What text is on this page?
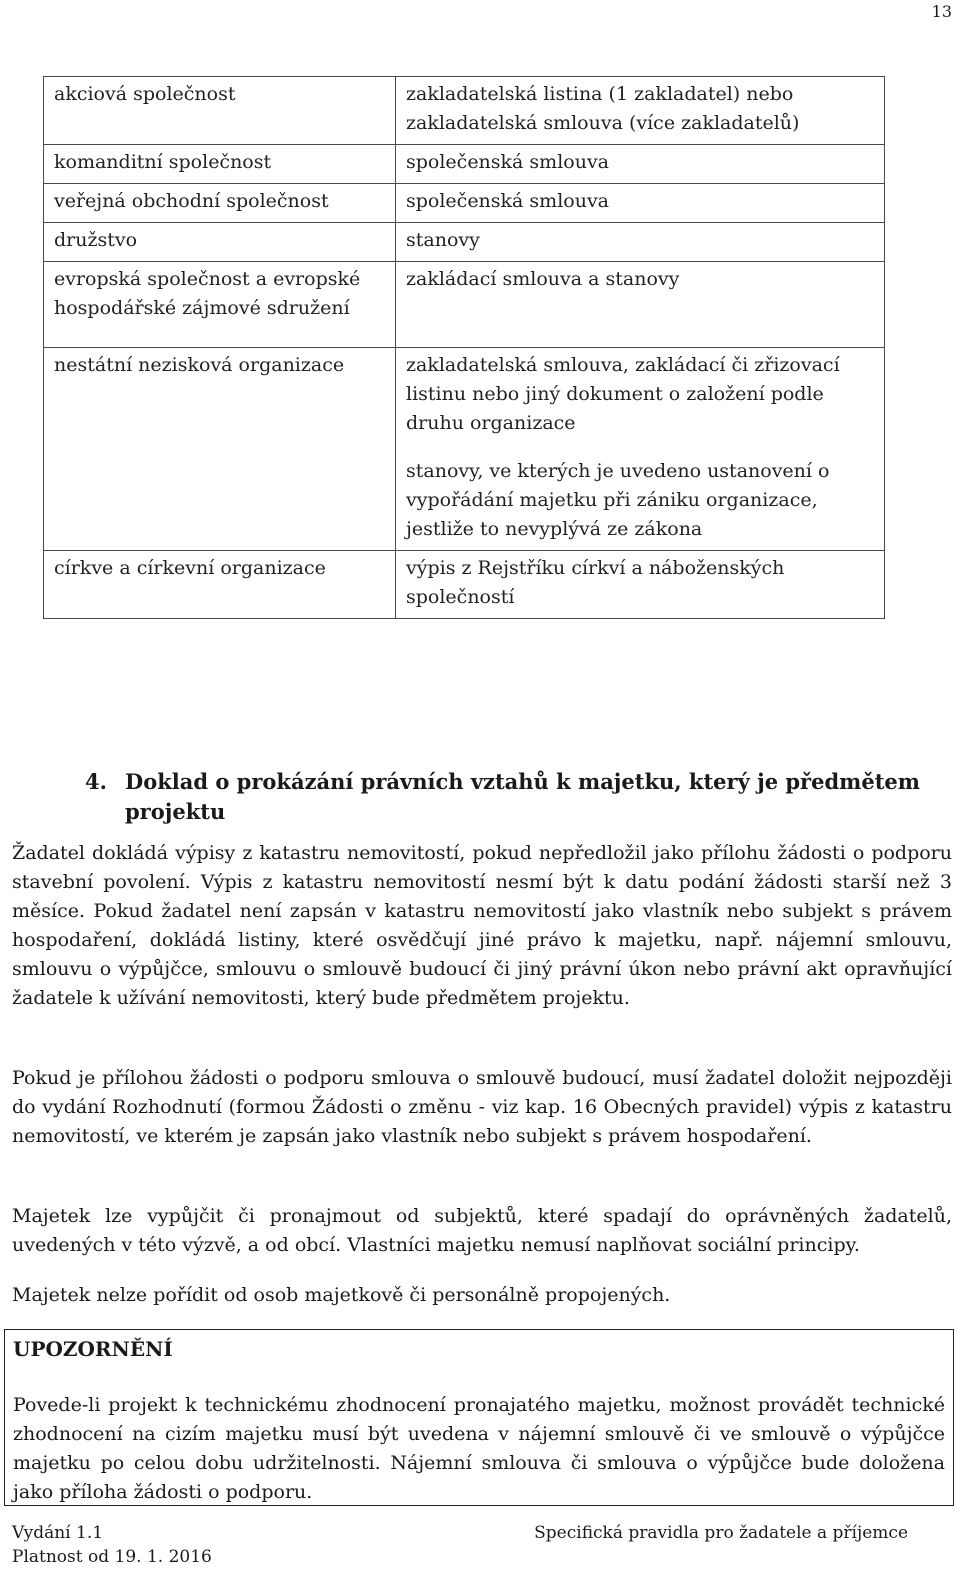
13
akciová společnost	zakladatelská listina (1 zakladatel) nebo zakladatelská smlouva (více zakladatelů)
komanditní společnost	společenská smlouva
veřejná obchodní společnost	společenská smlouva
družstvo	stanovy
evropská společnost a evropské hospodářské zájmové sdružení	zakládací smlouva a stanovy
nestátní nezisková organizace	zakladatelská smlouva, zakládací či zřizovací listinu nebo jiný dokument o založení podle druhu organizace
	stanovy, ve kterých je uvedeno ustanovení o vypořádání majetku při zániku organizace, jestliže to nevyplývá ze zákona
církve a církevní organizace	výpis z Rejstříku církví a náboženských společností
4. Doklad o prokázání právních vztahů k majetku, který je předmětem projektu

Žadatel dokládá výpisy z katastru nemovitostí, pokud nepředložil jako přílohu žádosti o podporu stavební povolení. Výpis z katastru nemovitostí nesmí být k datu podání žádosti starší než 3 měsíce. Pokud žadatel není zapsán v katastru nemovitostí jako vlastník nebo subjekt s právem hospodaření, dokládá listiny, které osvědčují jiné právo k majetku, např. nájemní smlouvu, smlouvu o výpůjčce, smlouvu o smlouvě budoucí či jiný právní úkon nebo právní akt opravňující žadatele k užívání nemovitosti, který bude předmětem projektu.

Pokud je přílohou žádosti o podporu smlouva o smlouvě budoucí, musí žadatel doložit nejpozději do vydání Rozhodnutí (formou Žádosti o změnu - viz kap. 16 Obecných pravidel) výpis z katastru nemovitostí, ve kterém je zapsán jako vlastník nebo subjekt s právem hospodaření.

Majetek lze vypůjčit či pronajmout od subjektů, které spadají do oprávněných žadatelů, uvedených v této výzvě, a od obcí. Vlastníci majetku nemusí naplňovat sociální principy.

Majetek nelze pořídit od osob majetkově či personálně propojených.

UPOZORNĚNÍ

Povede-li projekt k technickému zhodnocení pronajatého majetku, možnost provádět technické zhodnocení na cizím majetku musí být uvedena v nájemní smlouvě či ve smlouvě o výpůjčce majetku po celou dobu udržitelnosti. Nájemní smlouva či smlouva o výpůjčce bude doložena jako příloha žádosti o podporu.

Vydání 1.1	Specifická pravidla pro žadatele a příjemce
Platnost od 19. 1. 2016
